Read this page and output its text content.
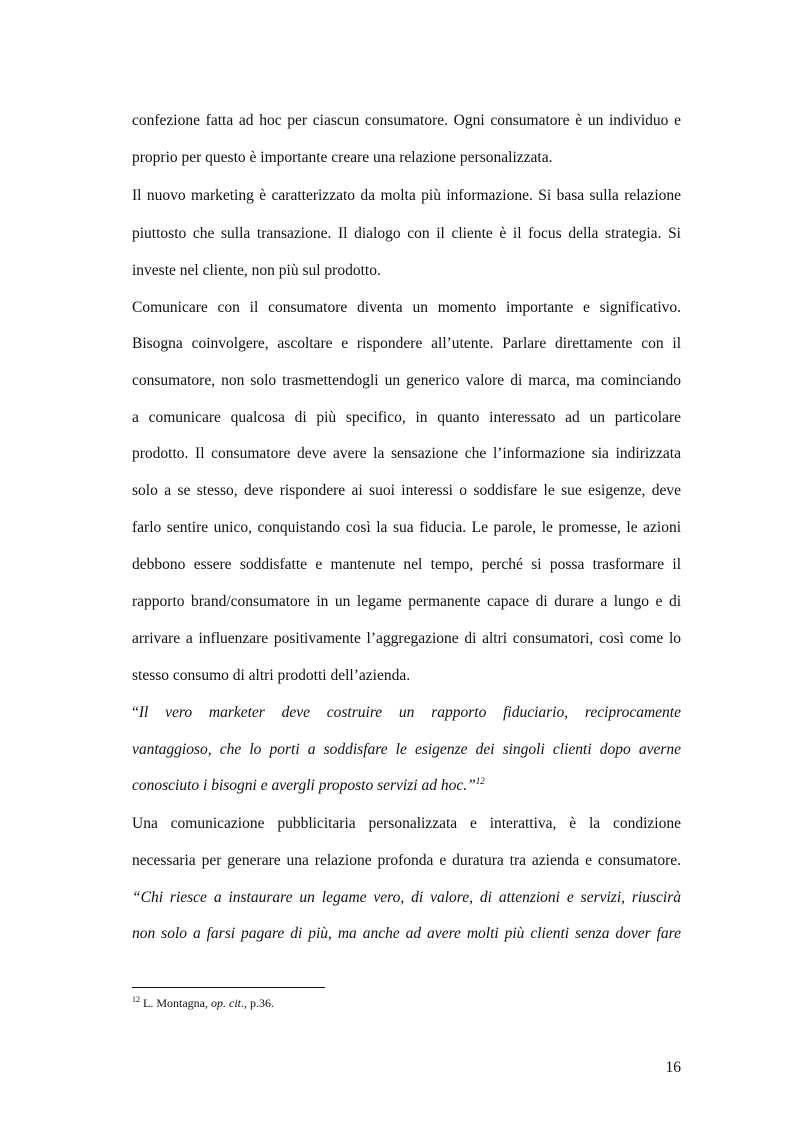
confezione fatta ad hoc per ciascun consumatore. Ogni consumatore è un individuo e
proprio per questo è importante creare una relazione personalizzata.
Il nuovo marketing è caratterizzato da molta più informazione. Si basa sulla relazione
piuttosto che sulla transazione. Il dialogo con il cliente è il focus della strategia. Si
investe nel cliente, non più sul prodotto.
Comunicare con il consumatore diventa un momento importante e significativo.
Bisogna coinvolgere, ascoltare e rispondere all’utente. Parlare direttamente con il
consumatore, non solo trasmettendogli un generico valore di marca, ma cominciando
a comunicare qualcosa di più specifico, in quanto interessato ad un particolare
prodotto. Il consumatore deve avere la sensazione che l’informazione sia indirizzata
solo a se stesso, deve rispondere ai suoi interessi o soddisfare le sue esigenze, deve
farlo sentire unico, conquistando così la sua fiducia. Le parole, le promesse, le azioni
debbono essere soddisfatte e mantenute nel tempo, perché si possa trasformare il
rapporto brand/consumatore in un legame permanente capace di durare a lungo e di
arrivare a influenzare positivamente l’aggregazione di altri consumatori, così come lo
stesso consumo di altri prodotti dell’azienda.
“Il vero marketer deve costruire un rapporto fiduciario, reciprocamente
vantaggioso, che lo porti a soddisfare le esigenze dei singoli clienti dopo averne
conosciuto i bisogni e avergli proposto servizi ad hoc.”$^{12}$
Una comunicazione pubblicitaria personalizzata e interattiva, è la condizione
necessaria per generare una relazione profonda e duratura tra azienda e consumatore.
“Chi riesce a instaurare un legame vero, di valore, di attenzioni e servizi, riuscirà
non solo a farsi pagare di più, ma anche ad avere molti più clienti senza dover fare
$^{12}$ L. Montagna, op. cit., p.36.
16
